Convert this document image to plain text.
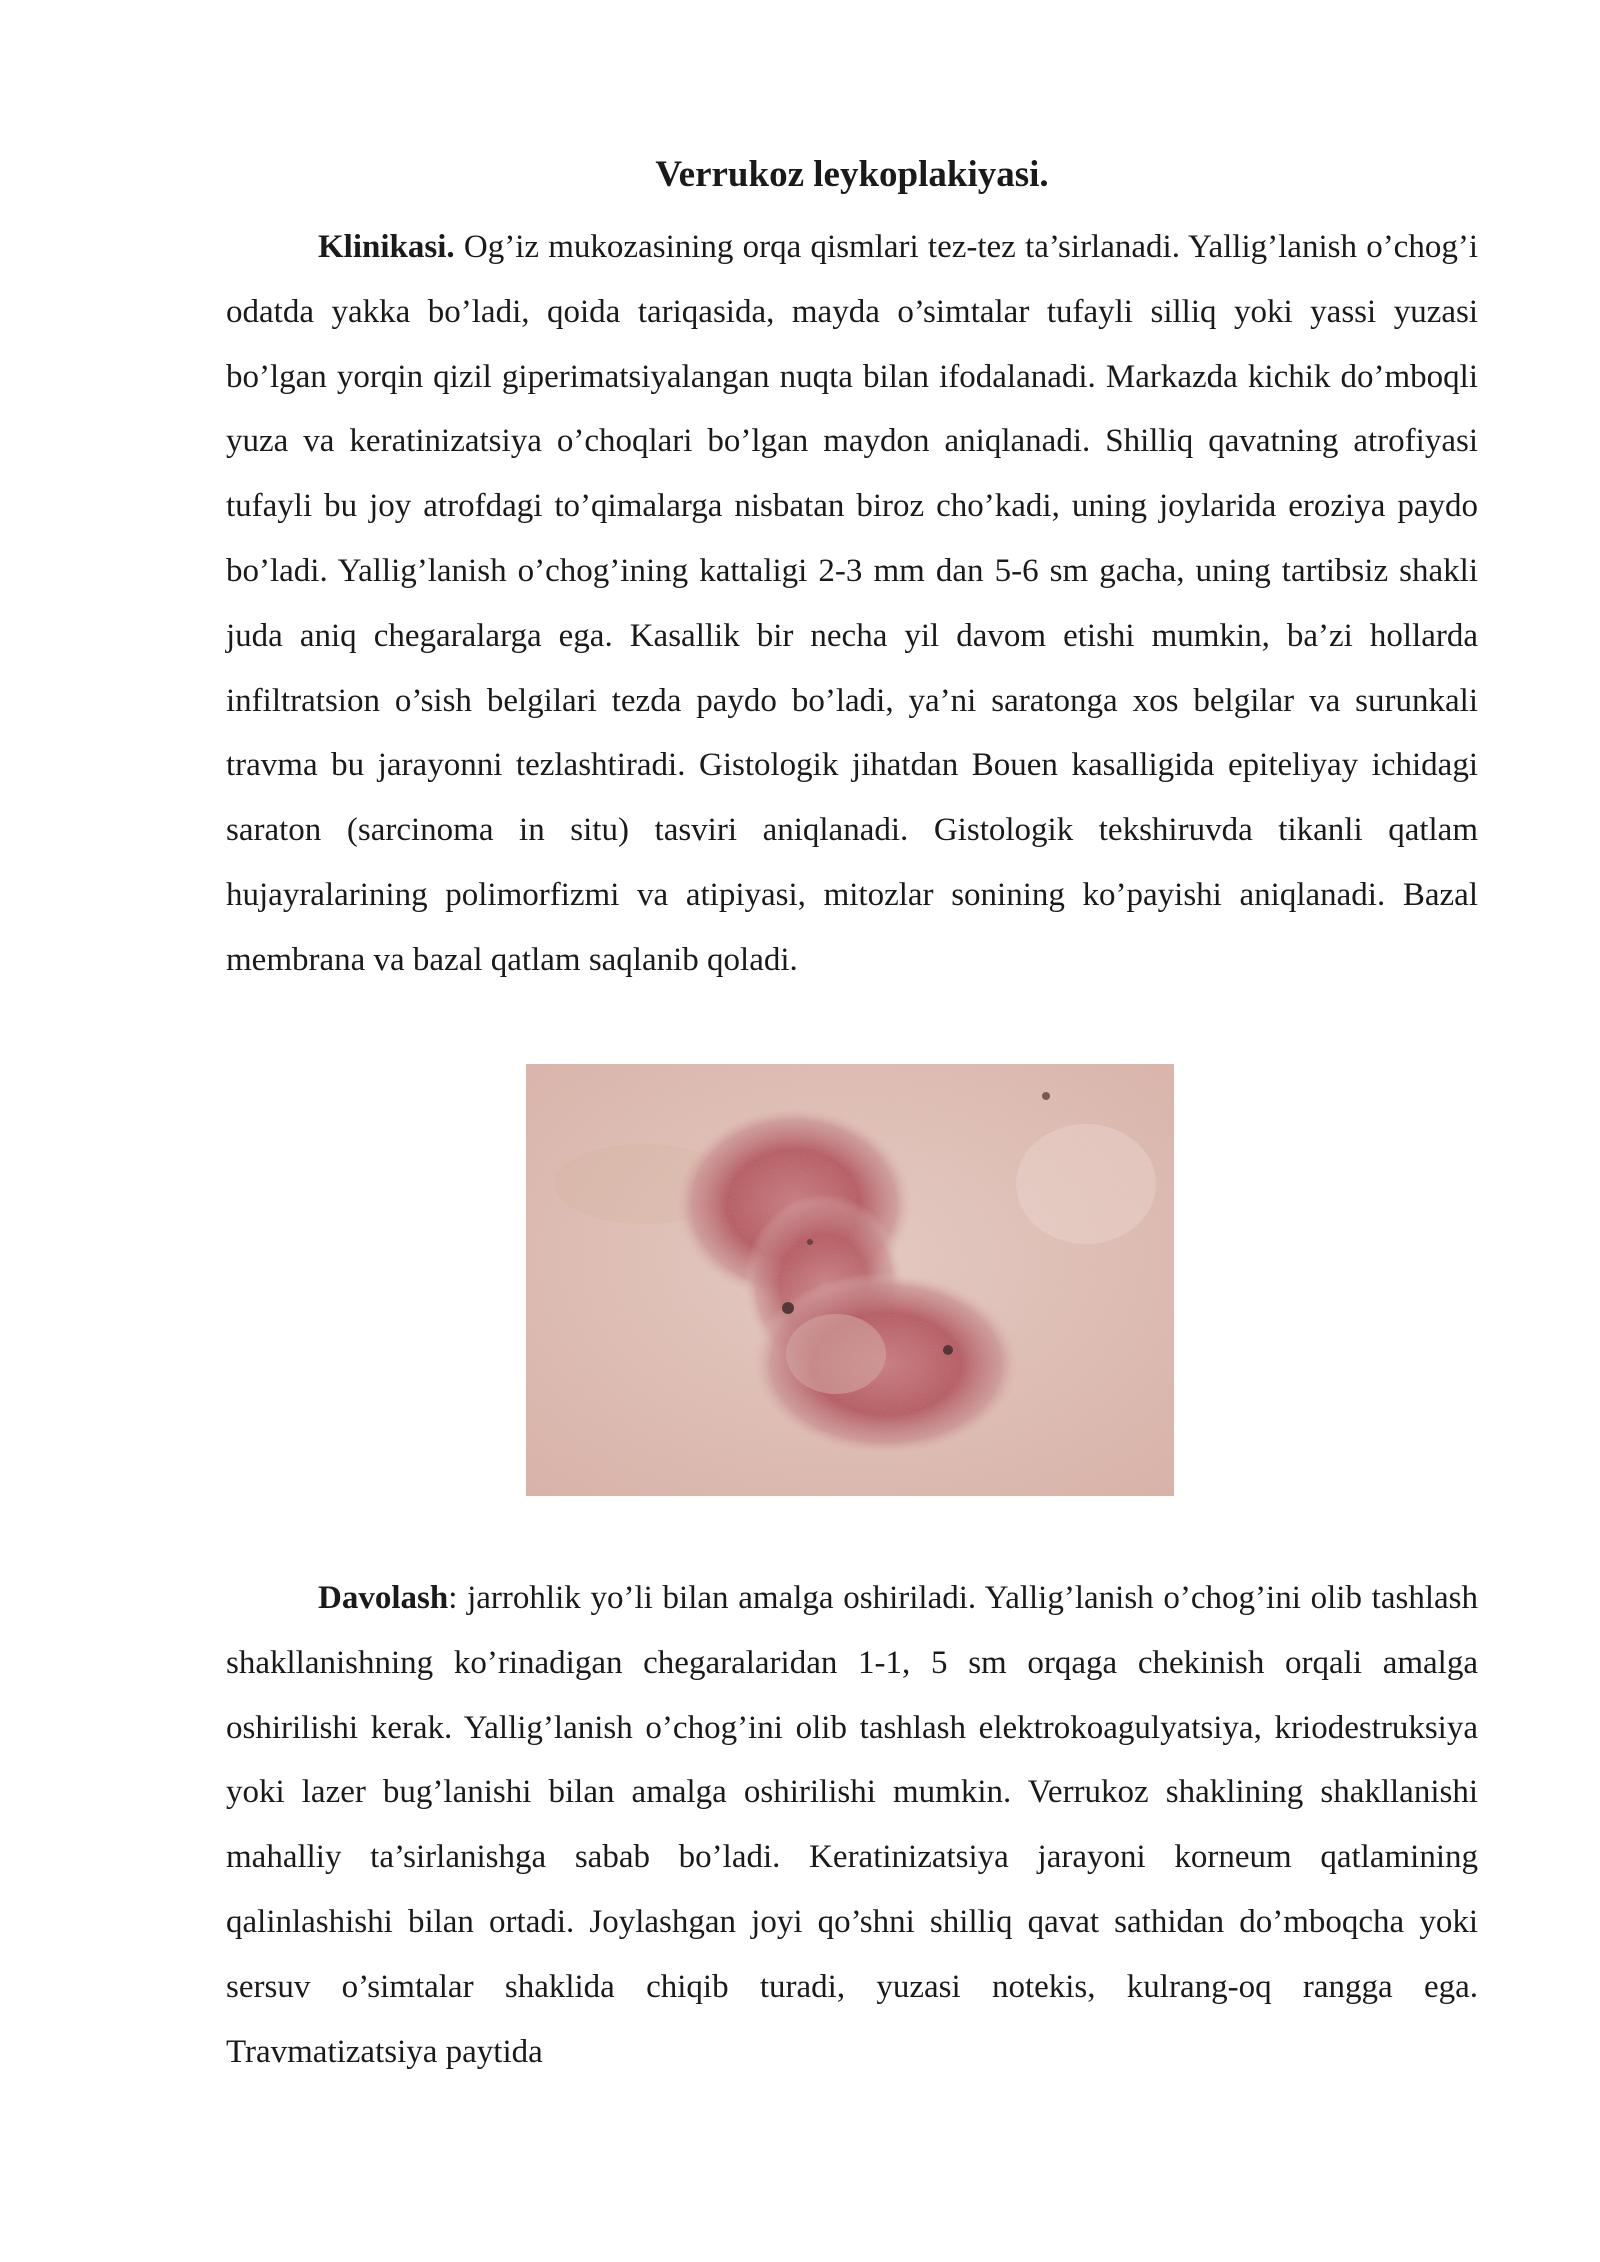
Verrukoz leykoplakiyasi.

Klinikasi. Og’iz mukozasining orqa qismlari tez-tez ta’sirlanadi. Yallig’lanish o’chog’i odatda yakka bo’ladi, qoida tariqasida, mayda o’simtalar tufayli silliq yoki yassi yuzasi bo’lgan yorqin qizil giperimatsiyalangan nuqta bilan ifodalanadi. Markazda kichik do’mboqli yuza va keratinizatsiya o’choqlari bo’lgan maydon aniqlanadi. Shilliq qavatning atrofiyasi tufayli bu joy atrofdagi to’qimalarga nisbatan biroz cho’kadi, uning joylarida eroziya paydo bo’ladi. Yallig’lanish o’chog’ining kattaligi 2-3 mm dan 5-6 sm gacha, uning tartibsiz shakli juda aniq chegaralarga ega. Kasallik bir necha yil davom etishi mumkin, ba’zi hollarda infiltratsion o’sish belgilari tezda paydo bo’ladi, ya’ni saratonga xos belgilar va surunkali travma bu jarayonni tezlashtiradi. Gistologik jihatdan Bouen kasalligida epiteliyay ichidagi saraton (sarcinoma in situ) tasviri aniqlanadi. Gistologik tekshiruvda tikanli qatlam hujayralarining polimorfizmi va atipiyasi, mitozlar sonining ko’payishi aniqlanadi. Bazal membrana va bazal qatlam saqlanib qoladi.

Davolash: jarrohlik yo’li bilan amalga oshiriladi. Yallig’lanish o’chog’ini olib tashlash shakllanishning ko’rinadigan chegaralaridan 1-1, 5 sm orqaga chekinish orqali amalga oshirilishi kerak. Yallig’lanish o’chog’ini olib tashlash elektrokoagulyatsiya, kriodestruksiya yoki lazer bug’lanishi bilan amalga oshirilishi mumkin. Verrukoz shaklining shakllanishi mahalliy ta’sirlanishga sabab bo’ladi. Keratinizatsiya jarayoni korneum qatlamining qalinlashishi bilan ortadi. Joylashgan joyi qo’shni shilliq qavat sathidan do’mboqcha yoki sersuv o’simtalar shaklida chiqib turadi, yuzasi notekis, kulrang-oq rangga ega. Travmatizatsiya paytida
